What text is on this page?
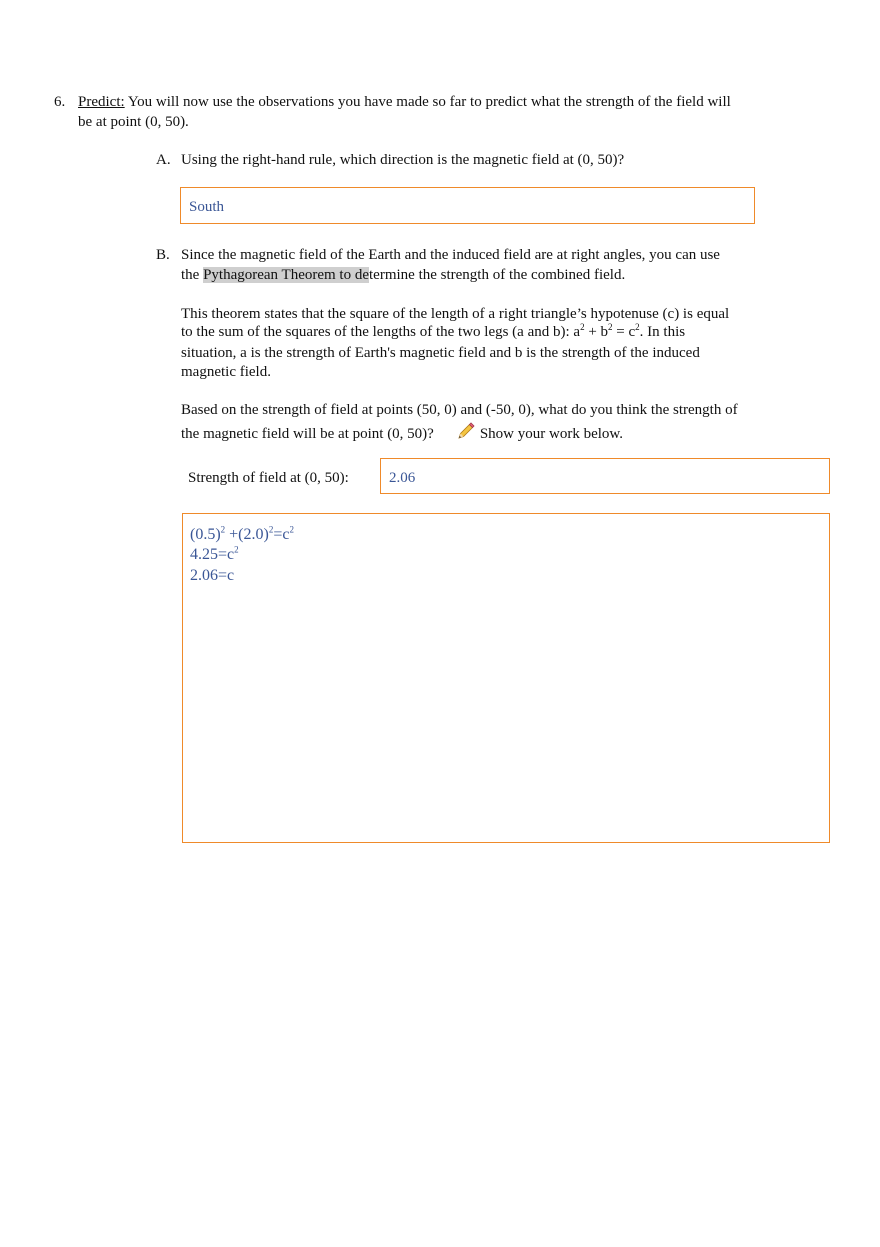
6. Predict: You will now use the observations you have made so far to predict what the strength of the field will
be at point (0, 50).
A. Using the right-hand rule, which direction is the magnetic field at (0, 50)?
South
B. Since the magnetic field of the Earth and the induced field are at right angles, you can use
the Pythagorean Theorem to determine the strength of the combined field.
This theorem states that the square of the length of a right triangle’s hypotenuse (c) is equal
to the sum of the squares of the lengths of the two legs (a and b): $a^2 + b^2 = c^2$. In this
situation, a is the strength of Earth's magnetic field and b is the strength of the induced
magnetic field.
Based on the strength of field at points (50, 0) and (-50, 0), what do you think the strength of
the magnetic field will be at point (0, 50)?	Show your work below.
Strength of field at (0, 50):	2.06
$(0.5)^2 +(2.0)^2=c^2$
$4.25=c^2$
2.06=c
